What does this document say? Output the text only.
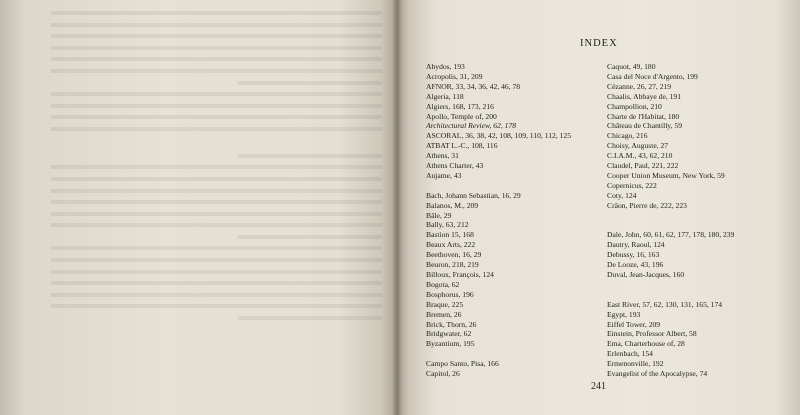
INDEX
Abydos, 193
Acropolis, 31, 209
AFNOR, 33, 34, 36, 42, 46, 78
Algeria, 118
Algiers, 168, 173, 216
Apollo, Temple of, 200
Architectural Review, 62, 178
ASCORAL, 36, 38, 42, 108, 109, 110, 112, 125
ATBAT L.-C., 108, 116
Athens, 31
Athens Charter, 43
Aujame, 43
Bach, Johann Sebastian, 16, 29
Balanos, M., 209
Bâle, 29
Bally, 63, 212
Bastion 15, 168
Beaux Arts, 222
Beethoven, 16, 29
Beuron, 218, 219
Billoux, François, 124
Bogota, 62
Bosphorus, 196
Braque, 225
Bremen, 26
Brick, Thorn, 26
Bridgwater, 62
Byzantium, 195
Campo Santo, Pisa, 166
Capitol, 26
Caquot, 49, 180
Casa del Noce d'Argento, 199
Cézanne, 26, 27, 219
Chaalis, Abbaye de, 191
Champollion, 210
Charte de l'Habitat, 180
Château de Chantilly, 59
Chicago, 216
Choisy, Auguste, 27
C.I.A.M., 43, 62, 210
Claudel, Paul, 221, 222
Cooper Union Museum, New York, 59
Copernicus, 222
Coty, 124
Crâon, Pierre de, 222, 223
Dale, John, 60, 61, 62, 177, 178, 180, 239
Dautry, Raoul, 124
Debussy, 16, 163
De Looze, 43, 196
Duval, Jean-Jacques, 160
East River, 57, 62, 130, 131, 165, 174
Egypt, 193
Eiffel Tower, 209
Einstein, Professor Albert, 58
Ema, Charterhouse of, 28
Erlenbach, 154
Ermenonville, 192
Evangelist of the Apocalypse, 74
241
